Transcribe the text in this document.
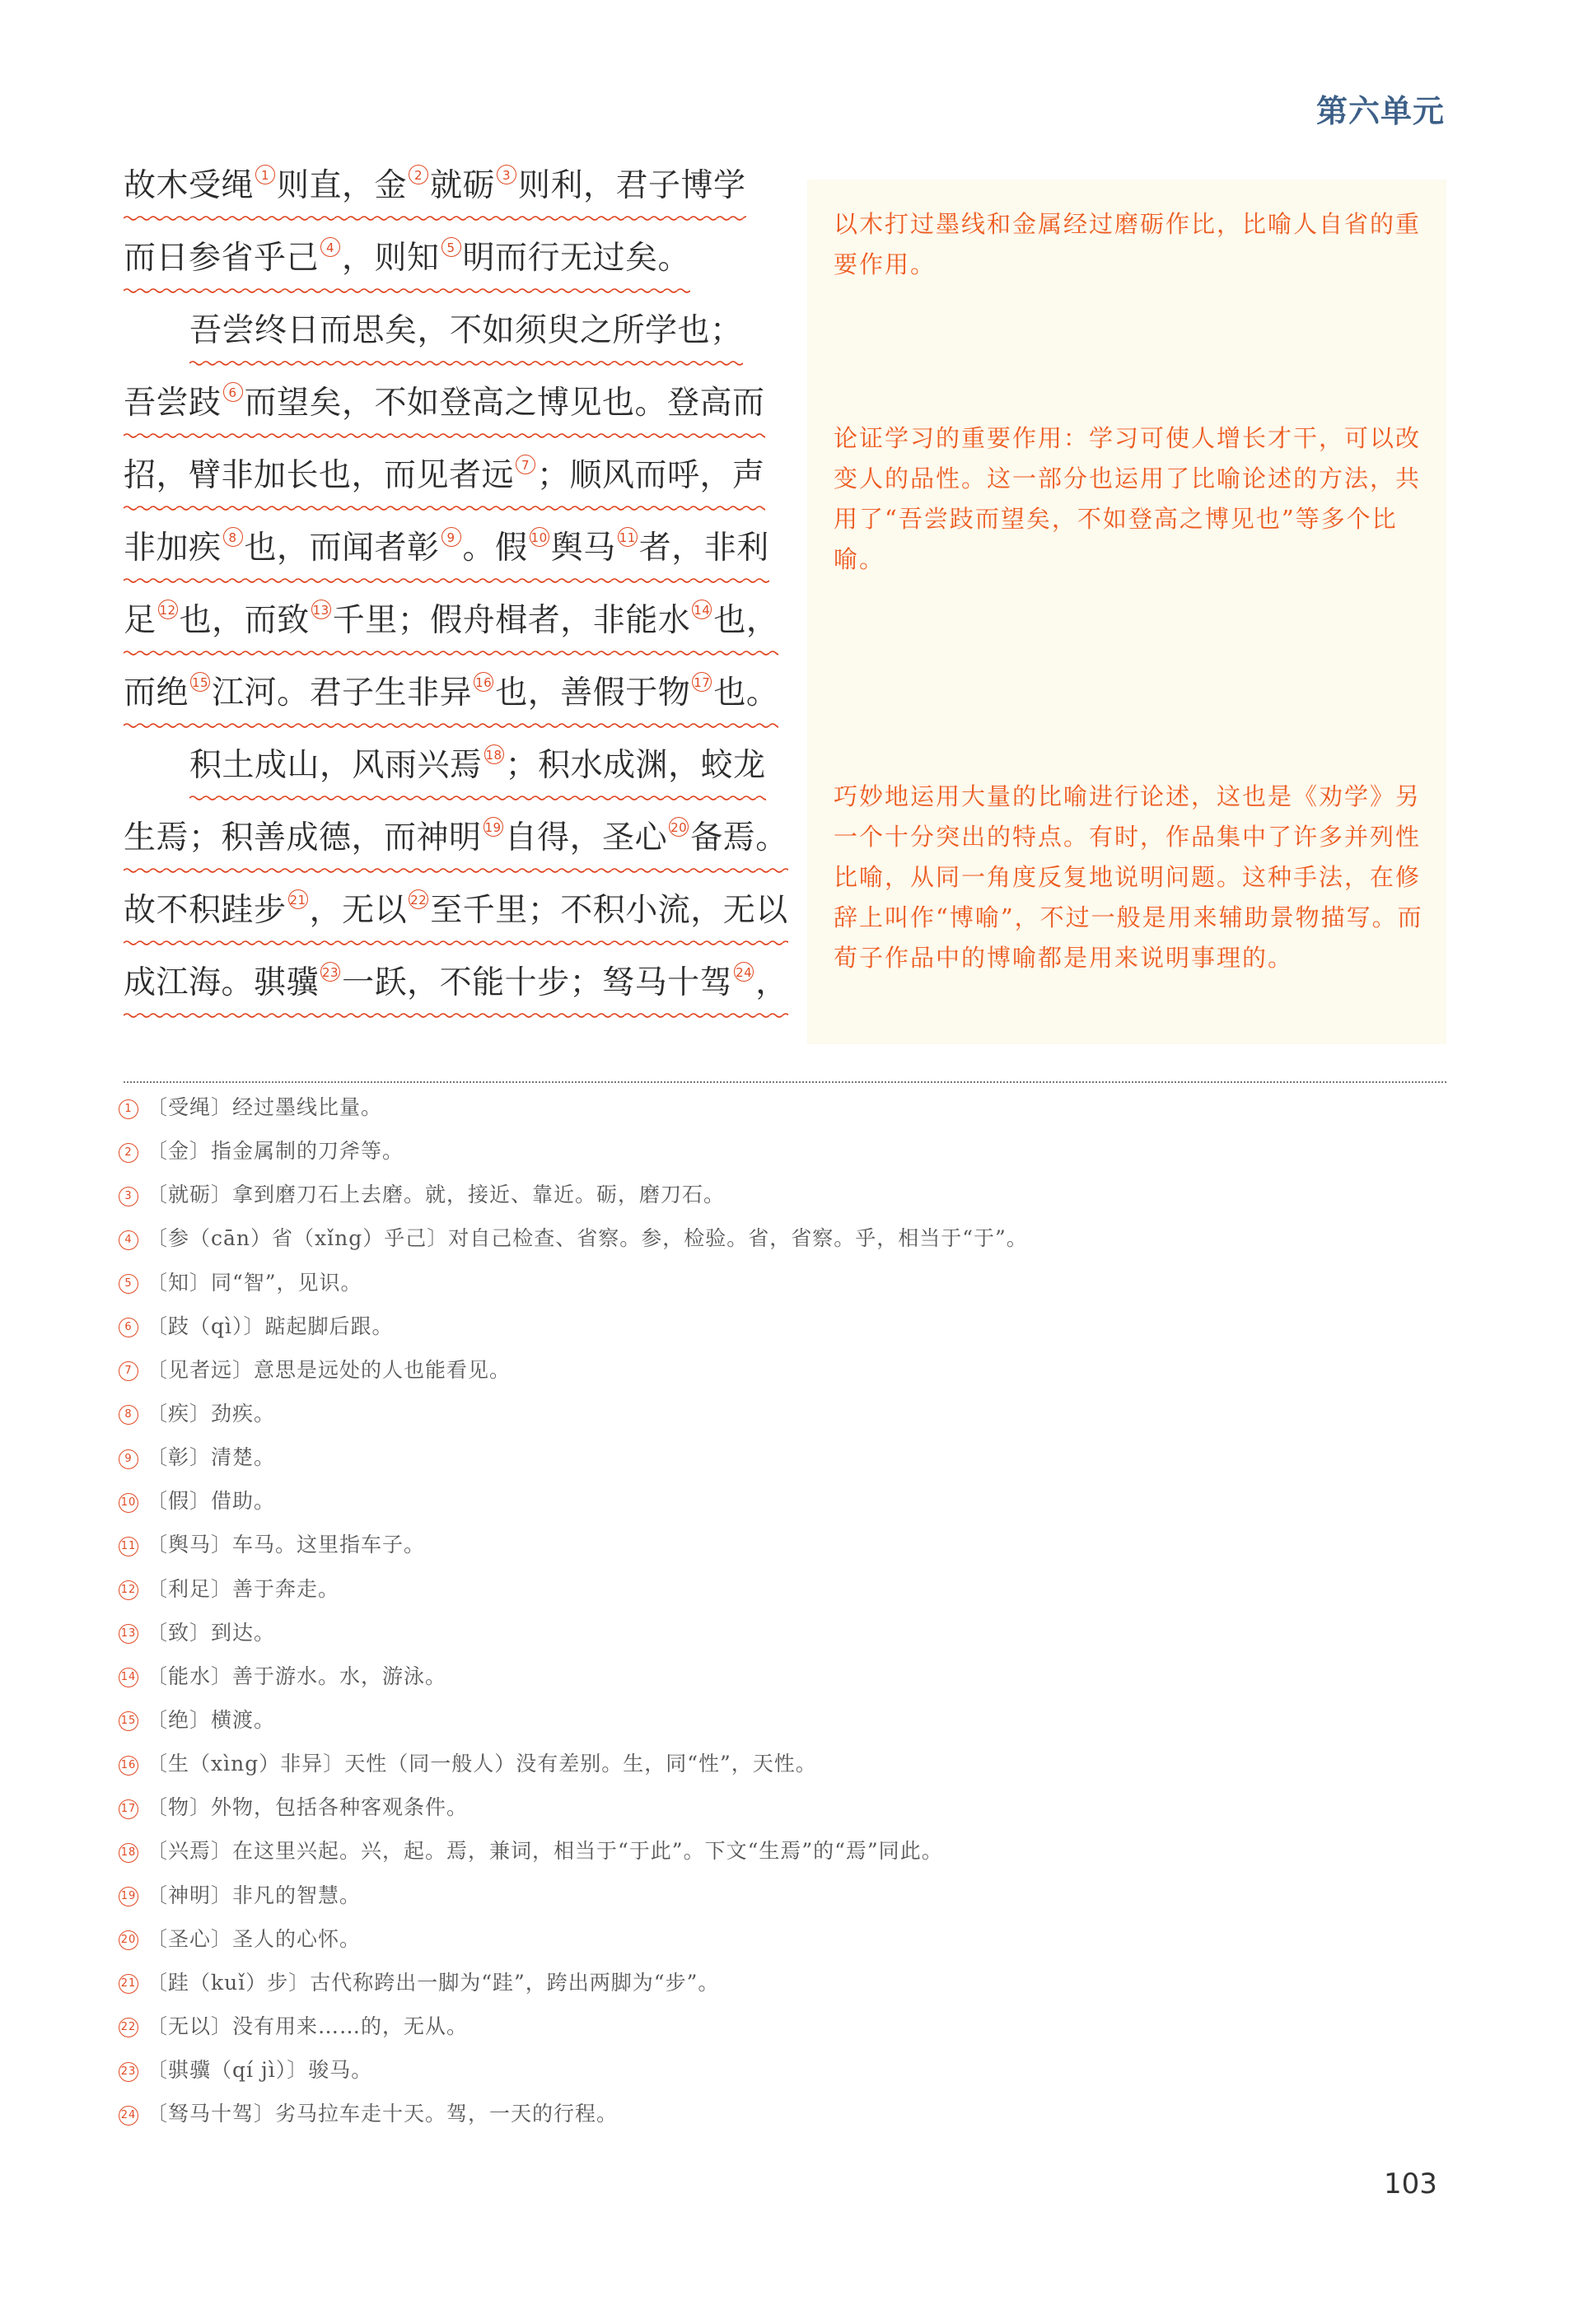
第六单元
故木受绳 1 则直，金 2 就砺 3 则利，君子博学
而日参省乎己 4 ，则知 5 明而行无过矣。
吾尝终日而思矣，不如须臾之所学也；
吾尝跂 6 而望矣，不如登高之博见也。登高而
招，臂非加长也，而见者远 7 ；顺风而呼，声
非加疾 8 也，而闻者彰 9 。假 10 舆马 11 者，非利
足 12 也，而致 13 千里；假舟楫者，非能水 14 也，
而绝 15 江河。君子生非异 16 也，善假于物 17 也。
积土成山，风雨兴焉 18 ；积水成渊，蛟龙
生焉；积善成德，而神明 19 自得，圣心 20 备焉。
故不积跬步 21 ，无以 22 至千里；不积小流，无以
成江海。骐骥 23 一跃，不能十步；驽马十驾 24 ，
以木打过墨线和金属经过磨砺作比，比喻人自省的重要作用。
论证学习的重要作用：学习可使人增长才干，可以改变人的品性。这一部分也运用了比喻论述的方法，共用了“吾尝跂而望矣，不如登高之博见也”等多个比喻。
巧妙地运用大量的比喻进行论述，这也是《劝学》另一个十分突出的特点。有时，作品集中了许多并列性比喻，从同一角度反复地说明问题。这种手法，在修辞上叫作“博喻”，不过一般是用来辅助景物描写。而荀子作品中的博喻都是用来说明事理的。
1 〔受绳〕经过墨线比量。
2 〔金〕指金属制的刀斧等。
3 〔就砺〕拿到磨刀石上去磨。就，接近、靠近。砺，磨刀石。
4 〔参（cān）省（xǐng）乎己〕对自己检查、省察。参，检验。省，省察。乎，相当于“于”。
5 〔知〕同“智”，见识。
6 〔跂（qì）〕踮起脚后跟。
7 〔见者远〕意思是远处的人也能看见。
8 〔疾〕劲疾。
9 〔彰〕清楚。
10 〔假〕借助。
11 〔舆马〕车马。这里指车子。
12 〔利足〕善于奔走。
13 〔致〕到达。
14 〔能水〕善于游水。水，游泳。
15 〔绝〕横渡。
16 〔生（xìng）非异〕天性（同一般人）没有差别。生，同“性”，天性。
17 〔物〕外物，包括各种客观条件。
18 〔兴焉〕在这里兴起。兴，起。焉，兼词，相当于“于此”。下文“生焉”的“焉”同此。
19 〔神明〕非凡的智慧。
20 〔圣心〕圣人的心怀。
21 〔跬（kuǐ）步〕古代称跨出一脚为“跬”，跨出两脚为“步”。
22 〔无以〕没有用来……的，无从。
23 〔骐骥（qí jì）〕骏马。
24 〔驽马十驾〕劣马拉车走十天。驾，一天的行程。
103
